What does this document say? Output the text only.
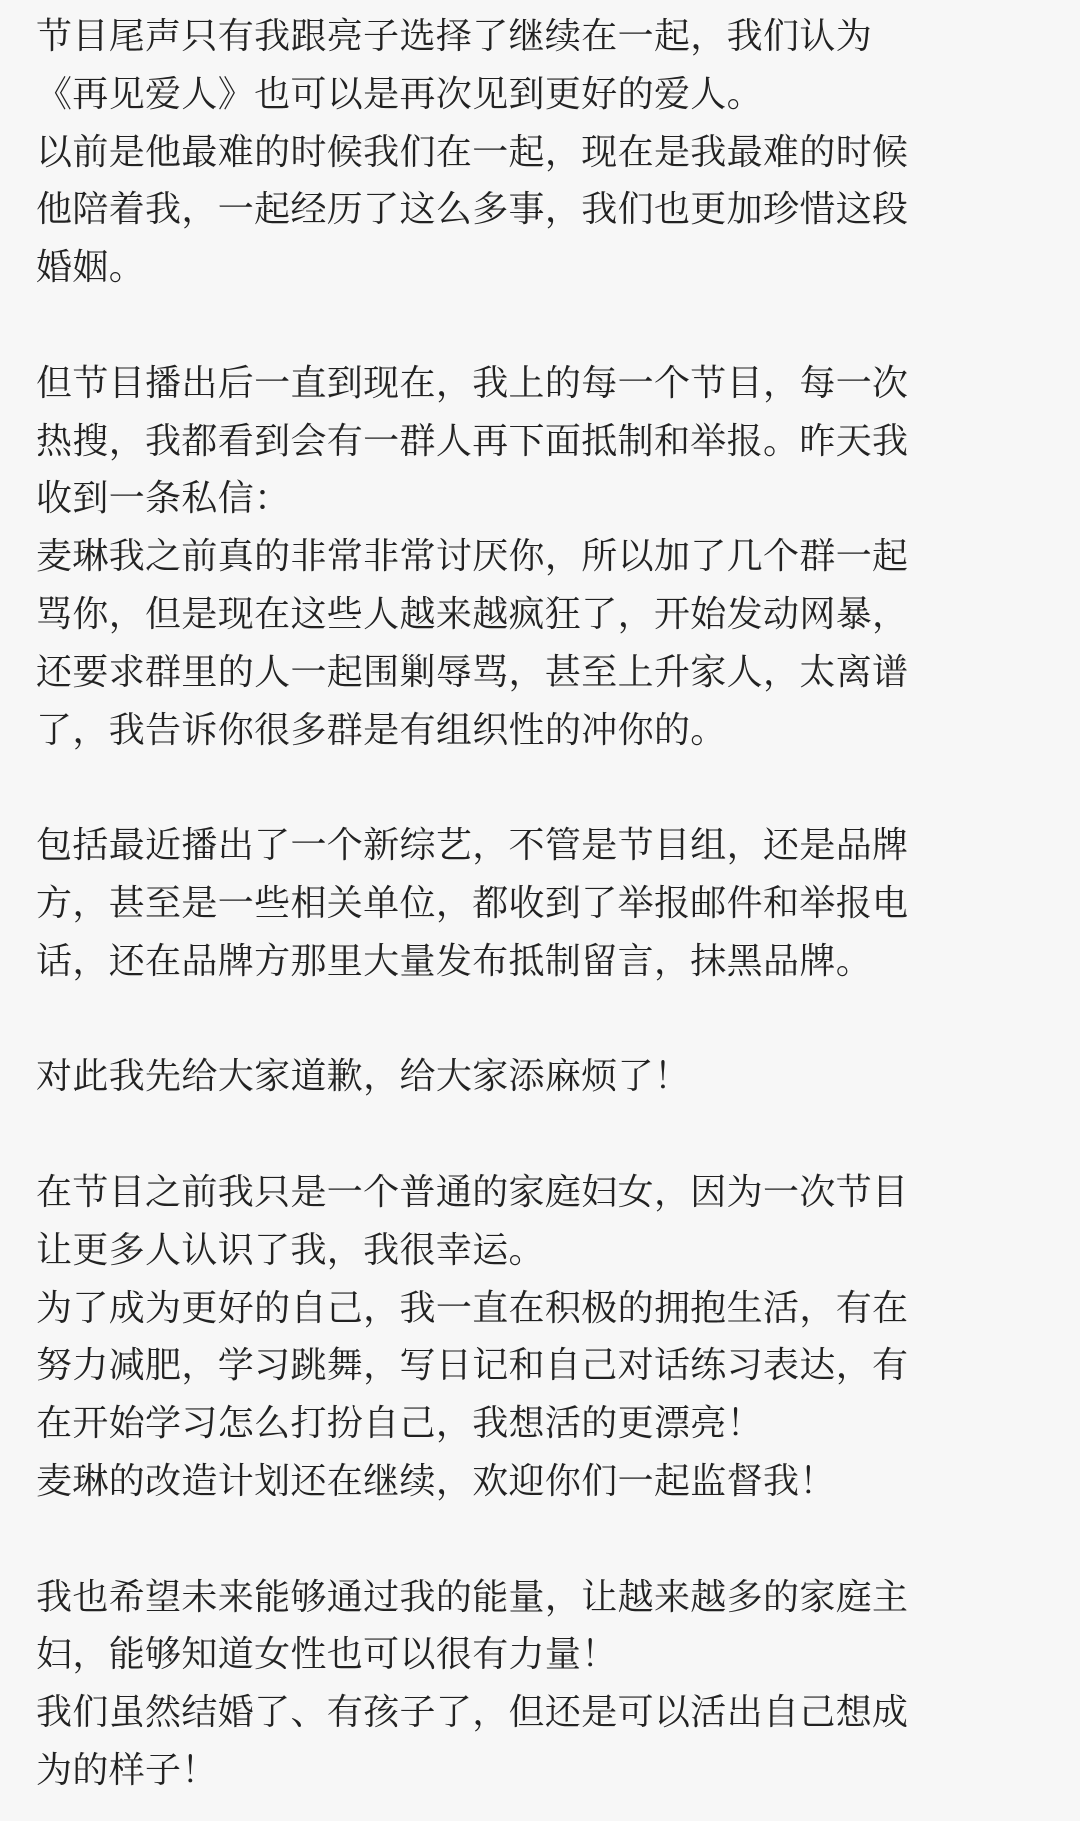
节目尾声只有我跟亮子选择了继续在一起，我们认为
《再见爱人》也可以是再次见到更好的爱人。
以前是他最难的时候我们在一起，现在是我最难的时候
他陪着我，一起经历了这么多事，我们也更加珍惜这段
婚姻。
但节目播出后一直到现在，我上的每一个节目，每一次
热搜，我都看到会有一群人再下面抵制和举报。昨天我
收到一条私信：
麦琳我之前真的非常非常讨厌你，所以加了几个群一起
骂你，但是现在这些人越来越疯狂了，开始发动网暴，
还要求群里的人一起围剿辱骂，甚至上升家人，太离谱
了，我告诉你很多群是有组织性的冲你的。
包括最近播出了一个新综艺，不管是节目组，还是品牌
方，甚至是一些相关单位，都收到了举报邮件和举报电
话，还在品牌方那里大量发布抵制留言，抹黑品牌。
对此我先给大家道歉，给大家添麻烦了！
在节目之前我只是一个普通的家庭妇女，因为一次节目
让更多人认识了我，我很幸运。
为了成为更好的自己，我一直在积极的拥抱生活，有在
努力减肥，学习跳舞，写日记和自己对话练习表达，有
在开始学习怎么打扮自己，我想活的更漂亮！
麦琳的改造计划还在继续，欢迎你们一起监督我！
我也希望未来能够通过我的能量，让越来越多的家庭主
妇，能够知道女性也可以很有力量！
我们虽然结婚了、有孩子了，但还是可以活出自己想成
为的样子！
